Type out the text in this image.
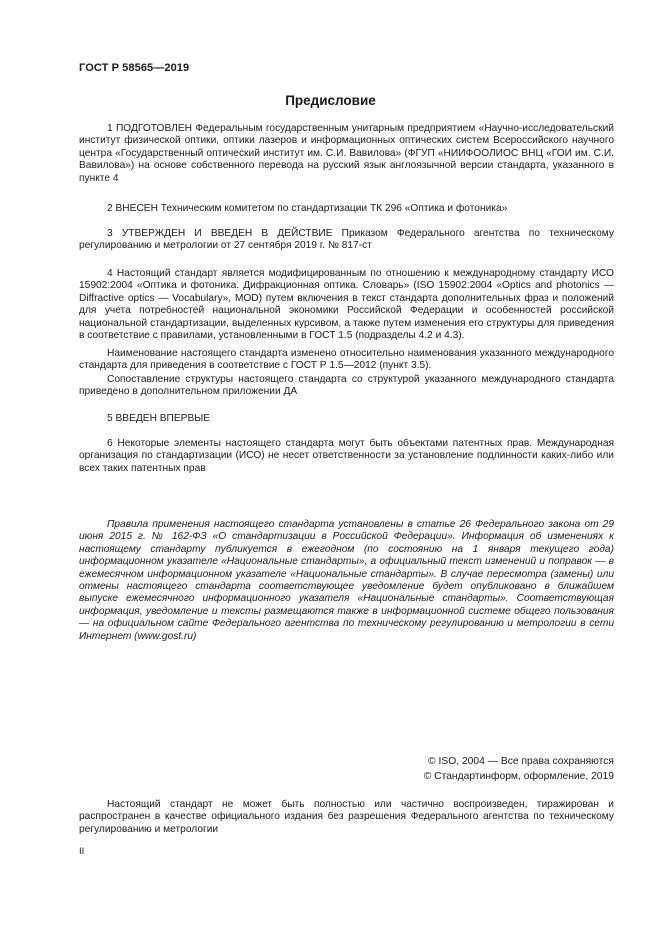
ГОСТ Р 58565—2019
Предисловие

1 ПОДГОТОВЛЕН Федеральным государственным унитарным предприятием «Научно-исследовательский институт физической оптики, оптики лазеров и информационных оптических систем Всероссийского научного центра «Государственный оптический институт им. С.И. Вавилова» (ФГУП «НИИФООЛИОС ВНЦ «ГОИ им. С.И. Вавилова») на основе собственного перевода на русский язык англоязычной версии стандарта, указанного в пункте 4

2 ВНЕСЕН Техническим комитетом по стандартизации ТК 296 «Оптика и фотоника»

3 УТВЕРЖДЕН И ВВЕДЕН В ДЕЙСТВИЕ Приказом Федерального агентства по техническому регулированию и метрологии от 27 сентября 2019 г. № 817-ст

4 Настоящий стандарт является модифицированным по отношению к международному стандарту ИСО 15902:2004 «Оптика и фотоника. Дифракционная оптика. Словарь» (ISO 15902:2004 «Optics and photonics — Diffractive optics — Vocabulary», MOD) путем включения в текст стандарта дополнительных фраз и положений для учета потребностей национальной экономики Российской Федерации и особенностей российской национальной стандартизации, выделенных курсивом, а также путем изменения его структуры для приведения в соответствие с правилами, установленными в ГОСТ 1.5 (подразделы 4.2 и 4.3).

Наименование настоящего стандарта изменено относительно наименования указанного международного стандарта для приведения в соответствие с ГОСТ Р 1.5—2012 (пункт 3.5).

Сопоставление структуры настоящего стандарта со структурой указанного международного стандарта приведено в дополнительном приложении ДА

5 ВВЕДЕН ВПЕРВЫЕ

6 Некоторые элементы настоящего стандарта могут быть объектами патентных прав. Международная организация по стандартизации (ИСО) не несет ответственности за установление подлинности каких-либо или всех таких патентных прав

Правила применения настоящего стандарта установлены в статье 26 Федерального закона от 29 июня 2015 г. № 162-ФЗ «О стандартизации в Российской Федерации». Информация об изменениях к настоящему стандарту публикуется в ежегодном (по состоянию на 1 января текущего года) информационном указателе «Национальные стандарты», а официальный текст изменений и поправок — в ежемесячном информационном указателе «Национальные стандарты». В случае пересмотра (замены) или отмены настоящего стандарта соответствующее уведомление будет опубликовано в ближайшем выпуске ежемесячного информационного указателя «Национальные стандарты». Соответствующая информация, уведомление и тексты размещаются также в информационной системе общего пользования — на официальном сайте Федерального агентства по техническому регулированию и метрологии в сети Интернет (www.gost.ru)

© ISO, 2004 — Все права сохраняются
© Стандартинформ, оформление, 2019

Настоящий стандарт не может быть полностью или частично воспроизведен, тиражирован и распространен в качестве официального издания без разрешения Федерального агентства по техническому регулированию и метрологии

II
